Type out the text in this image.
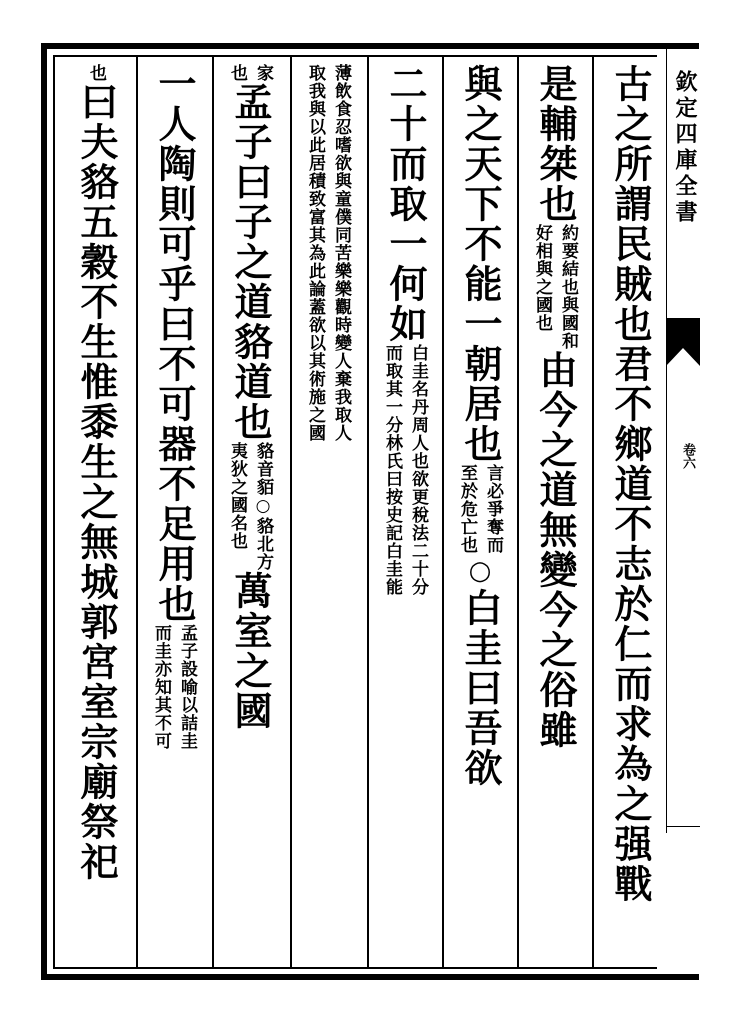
欽定四庫全書
卷六
古之所謂民賊也君不鄉道不志於仁而求為之强戰
是輔桀也
約要結也與國和
好相與之國也
由今之道無變今之俗雖
與之天下不能一朝居也
言必爭奪而
至於危亡也
○
白圭曰吾欲
二十而取一何如
白圭名丹周人也欲更稅法二十分
而取其一分林氏曰按史記白圭能
薄飲食忍嗜欲與童僕同苦樂樂觀時變人棄我取人
取我與以此居積致富其為此論蓋欲以其術施之國
家
也
孟子曰子之道貉道也
貉音貊○貉北方
夷狄之國名也
萬室之國
一人陶則可乎曰不可器不足用也
孟子設喻以詰圭
而圭亦知其不可
也
曰夫貉五穀不生惟黍生之無城郭宮室宗廟祭祀
